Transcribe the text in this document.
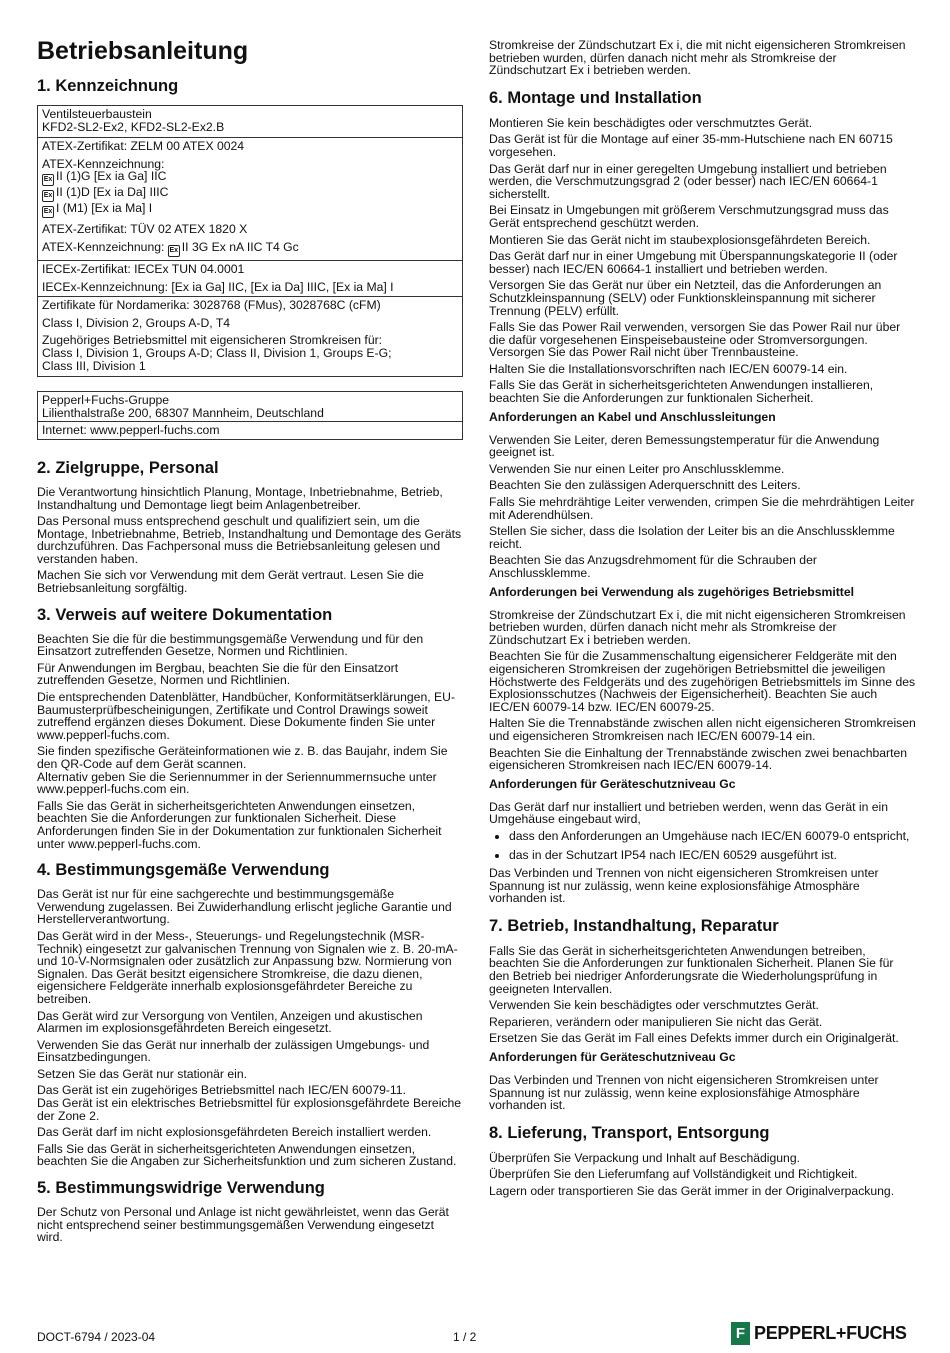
Betriebsanleitung
1. Kennzeichnung

Ventilsteuerbaustein
KFD2-SL2-Ex2, KFD2-SL2-Ex2.B

ATEX-Zertifikat: ZELM 00 ATEX 0024

ATEX-Kennzeichnung:
Ex II (1)G [Ex ia Ga] IIC
Ex II (1)D [Ex ia Da] IIIC
Ex I (M1) [Ex ia Ma] I

ATEX-Zertifikat: TÜV 02 ATEX 1820 X

ATEX-Kennzeichnung: Ex II 3G Ex nA IIC T4 Gc

IECEx-Zertifikat: IECEx TUN 04.0001

IECEx-Kennzeichnung: [Ex ia Ga] IIC, [Ex ia Da] IIIC, [Ex ia Ma] I

Zertifikate für Nordamerika: 3028768 (FMus), 3028768C (cFM)

Class I, Division 2, Groups A-D, T4

Zugehöriges Betriebsmittel mit eigensicheren Stromkreisen für:
Class I, Division 1, Groups A-D; Class II, Division 1, Groups E-G;
Class III, Division 1

Pepperl+Fuchs-Gruppe
Lilienthalstraße 200, 68307 Mannheim, Deutschland

Internet: www.pepperl-fuchs.com

2. Zielgruppe, Personal

Die Verantwortung hinsichtlich Planung, Montage, Inbetriebnahme, Betrieb, Instandhaltung und Demontage liegt beim Anlagenbetreiber.

Das Personal muss entsprechend geschult und qualifiziert sein, um die Montage, Inbetriebnahme, Betrieb, Instandhaltung und Demontage des Geräts durchzuführen. Das Fachpersonal muss die Betriebsanleitung gelesen und verstanden haben.

Machen Sie sich vor Verwendung mit dem Gerät vertraut. Lesen Sie die Betriebsanleitung sorgfältig.

3. Verweis auf weitere Dokumentation

Beachten Sie die für die bestimmungsgemäße Verwendung und für den Einsatzort zutreffenden Gesetze, Normen und Richtlinien.

Für Anwendungen im Bergbau, beachten Sie die für den Einsatzort zutreffenden Gesetze, Normen und Richtlinien.

Die entsprechenden Datenblätter, Handbücher, Konformitätserklärungen, EU-Baumusterprüfbescheinigungen, Zertifikate und Control Drawings soweit zutreffend ergänzen dieses Dokument. Diese Dokumente finden Sie unter www.pepperl-fuchs.com.

Sie finden spezifische Geräteinformationen wie z. B. das Baujahr, indem Sie den QR-Code auf dem Gerät scannen.

Alternativ geben Sie die Seriennummer in der Seriennummernsuche unter www.pepperl-fuchs.com ein.

Falls Sie das Gerät in sicherheitsgerichteten Anwendungen einsetzen, beachten Sie die Anforderungen zur funktionalen Sicherheit. Diese Anforderungen finden Sie in der Dokumentation zur funktionalen Sicherheit unter www.pepperl-fuchs.com.

4. Bestimmungsgemäße Verwendung

Das Gerät ist nur für eine sachgerechte und bestimmungsgemäße Verwendung zugelassen. Bei Zuwiderhandlung erlischt jegliche Garantie und Herstellerverantwortung.

Das Gerät wird in der Mess-, Steuerungs- und Regelungstechnik (MSR-Technik) eingesetzt zur galvanischen Trennung von Signalen wie z. B. 20-mA- und 10-V-Normsignalen oder zusätzlich zur Anpassung bzw. Normierung von Signalen. Das Gerät besitzt eigensichere Stromkreise, die dazu dienen, eigensichere Feldgeräte innerhalb explosionsgefährdeter Bereiche zu betreiben.

Das Gerät wird zur Versorgung von Ventilen, Anzeigen und akustischen Alarmen im explosionsgefährdeten Bereich eingesetzt.

Verwenden Sie das Gerät nur innerhalb der zulässigen Umgebungs- und Einsatzbedingungen.

Setzen Sie das Gerät nur stationär ein.

Das Gerät ist ein zugehöriges Betriebsmittel nach IEC/EN 60079-11.

Das Gerät ist ein elektrisches Betriebsmittel für explosionsgefährdete Bereiche der Zone 2.

Das Gerät darf im nicht explosionsgefährdeten Bereich installiert werden.

Falls Sie das Gerät in sicherheitsgerichteten Anwendungen einsetzen, beachten Sie die Angaben zur Sicherheitsfunktion und zum sicheren Zustand.

5. Bestimmungswidrige Verwendung

Der Schutz von Personal und Anlage ist nicht gewährleistet, wenn das Gerät nicht entsprechend seiner bestimmungsgemäßen Verwendung eingesetzt wird.

Stromkreise der Zündschutzart Ex i, die mit nicht eigensicheren Stromkreisen betrieben wurden, dürfen danach nicht mehr als Stromkreise der Zündschutzart Ex i betrieben werden.

6. Montage und Installation

Montieren Sie kein beschädigtes oder verschmutztes Gerät.

Das Gerät ist für die Montage auf einer 35-mm-Hutschiene nach EN 60715 vorgesehen.

Das Gerät darf nur in einer geregelten Umgebung installiert und betrieben werden, die Verschmutzungsgrad 2 (oder besser) nach IEC/EN 60664-1 sicherstellt.

Bei Einsatz in Umgebungen mit größerem Verschmutzungsgrad muss das Gerät entsprechend geschützt werden.

Montieren Sie das Gerät nicht im staubexplosionsgefährdeten Bereich.

Das Gerät darf nur in einer Umgebung mit Überspannungskategorie II (oder besser) nach IEC/EN 60664-1 installiert und betrieben werden.

Versorgen Sie das Gerät nur über ein Netzteil, das die Anforderungen an Schutzkleinspannung (SELV) oder Funktionskleinspannung mit sicherer Trennung (PELV) erfüllt.

Falls Sie das Power Rail verwenden, versorgen Sie das Power Rail nur über die dafür vorgesehenen Einspeisebausteine oder Stromversorgungen. Versorgen Sie das Power Rail nicht über Trennbausteine.

Halten Sie die Installationsvorschriften nach IEC/EN 60079-14 ein.

Falls Sie das Gerät in sicherheitsgerichteten Anwendungen installieren, beachten Sie die Anforderungen zur funktionalen Sicherheit.

Anforderungen an Kabel und Anschlussleitungen

Verwenden Sie Leiter, deren Bemessungstemperatur für die Anwendung geeignet ist.

Verwenden Sie nur einen Leiter pro Anschlussklemme.

Beachten Sie den zulässigen Aderquerschnitt des Leiters.

Falls Sie mehrdrähtige Leiter verwenden, crimpen Sie die mehrdrähtigen Leiter mit Aderendhülsen.

Stellen Sie sicher, dass die Isolation der Leiter bis an die Anschlussklemme reicht.

Beachten Sie das Anzugsdrehmoment für die Schrauben der Anschlussklemme.

Anforderungen bei Verwendung als zugehöriges Betriebsmittel

Stromkreise der Zündschutzart Ex i, die mit nicht eigensicheren Stromkreisen betrieben wurden, dürfen danach nicht mehr als Stromkreise der Zündschutzart Ex i betrieben werden.

Beachten Sie für die Zusammenschaltung eigensicherer Feldgeräte mit den eigensicheren Stromkreisen der zugehörigen Betriebsmittel die jeweiligen Höchstwerte des Feldgeräts und des zugehörigen Betriebsmittels im Sinne des Explosionsschutzes (Nachweis der Eigensicherheit). Beachten Sie auch IEC/EN 60079-14 bzw. IEC/EN 60079-25.

Halten Sie die Trennabstände zwischen allen nicht eigensicheren Stromkreisen und eigensicheren Stromkreisen nach IEC/EN 60079-14 ein.

Beachten Sie die Einhaltung der Trennabstände zwischen zwei benachbarten eigensicheren Stromkreisen nach IEC/EN 60079-14.

Anforderungen für Geräteschutzniveau Gc

Das Gerät darf nur installiert und betrieben werden, wenn das Gerät in ein Umgehäuse eingebaut wird,

• dass den Anforderungen an Umgehäuse nach IEC/EN 60079-0 entspricht,
• das in der Schutzart IP54 nach IEC/EN 60529 ausgeführt ist.

Das Verbinden und Trennen von nicht eigensicheren Stromkreisen unter Spannung ist nur zulässig, wenn keine explosionsfähige Atmosphäre vorhanden ist.

7. Betrieb, Instandhaltung, Reparatur

Falls Sie das Gerät in sicherheitsgerichteten Anwendungen betreiben, beachten Sie die Anforderungen zur funktionalen Sicherheit. Planen Sie für den Betrieb bei niedriger Anforderungsrate die Wiederholungsprüfung in geeigneten Intervallen.

Verwenden Sie kein beschädigtes oder verschmutztes Gerät.

Reparieren, verändern oder manipulieren Sie nicht das Gerät.

Ersetzen Sie das Gerät im Fall eines Defekts immer durch ein Originalgerät.

Anforderungen für Geräteschutzniveau Gc

Das Verbinden und Trennen von nicht eigensicheren Stromkreisen unter Spannung ist nur zulässig, wenn keine explosionsfähige Atmosphäre vorhanden ist.

8. Lieferung, Transport, Entsorgung

Überprüfen Sie Verpackung und Inhalt auf Beschädigung.

Überprüfen Sie den Lieferumfang auf Vollständigkeit und Richtigkeit.

Lagern oder transportieren Sie das Gerät immer in der Originalverpackung.

DOCT-6794 / 2023-04	1 / 2	F PEPPERL+FUCHS
